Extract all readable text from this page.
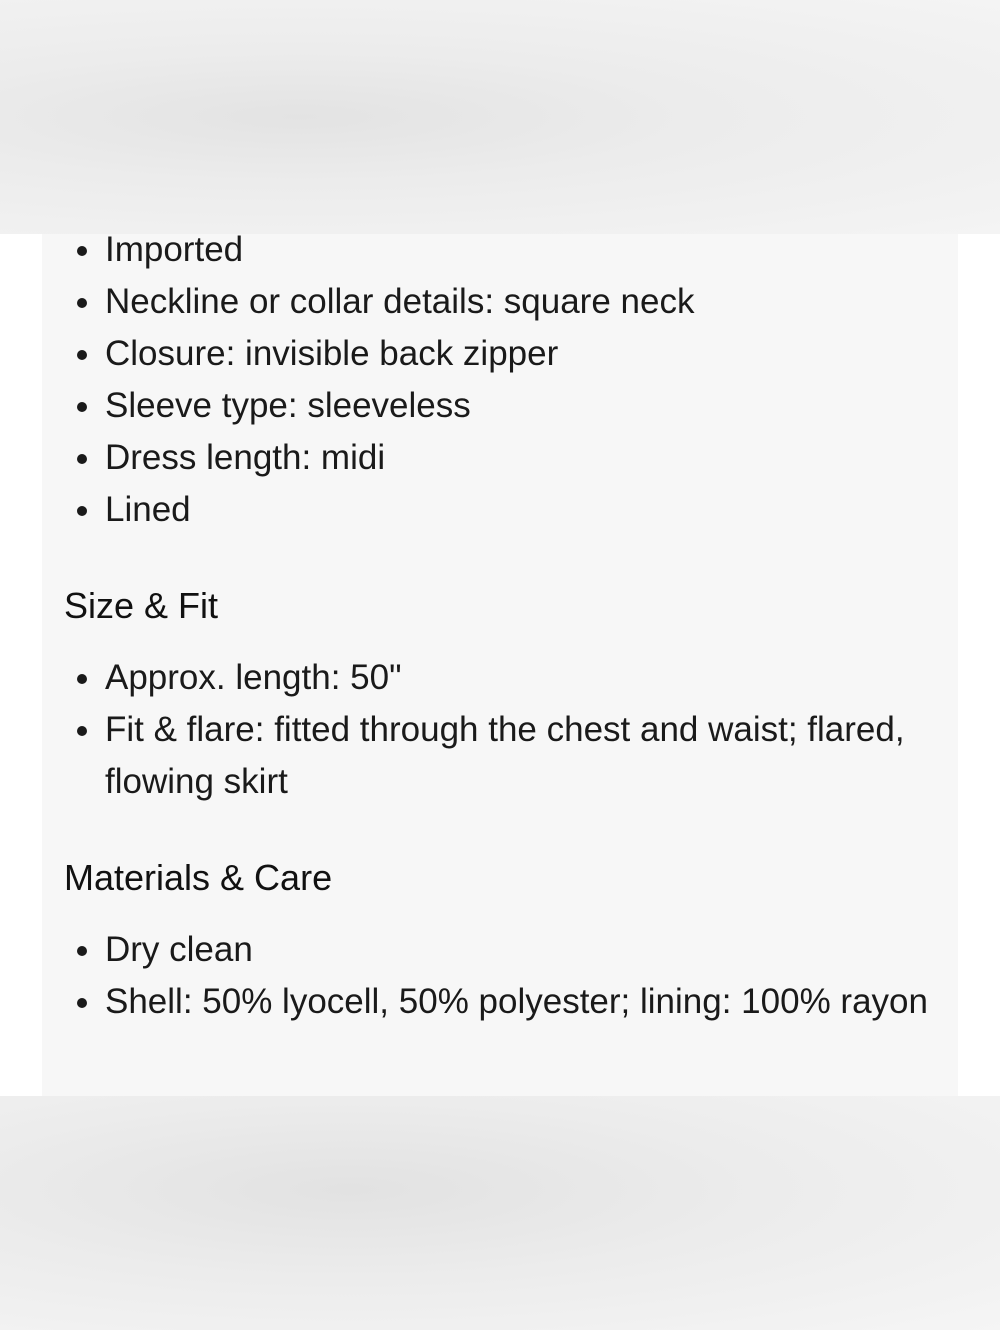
Imported
Neckline or collar details: square neck
Closure: invisible back zipper
Sleeve type: sleeveless
Dress length: midi
Lined
Size & Fit
Approx. length: 50"
Fit & flare: fitted through the chest and waist; flared, flowing skirt
Materials & Care
Dry clean
Shell: 50% lyocell, 50% polyester; lining: 100% rayon
